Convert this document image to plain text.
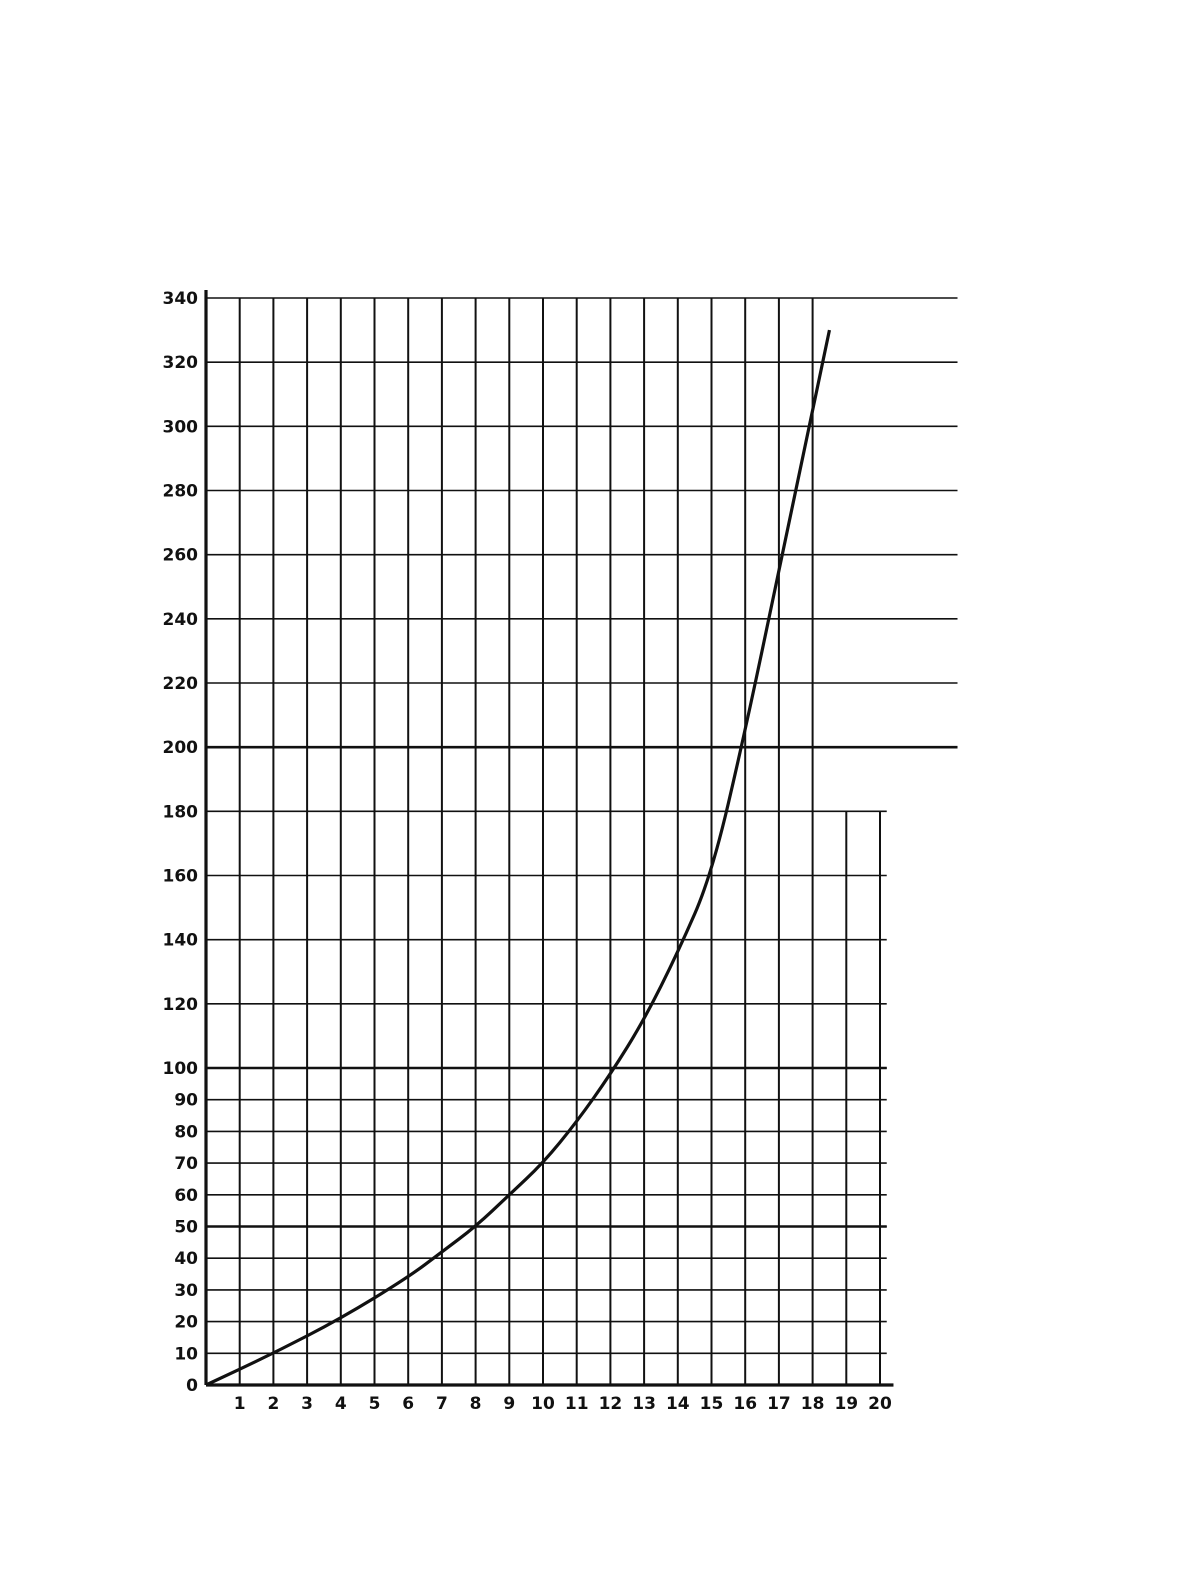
1 2 3 4 5 6 7 8 9 10 11 12 13 14 15 16 17 18 19 20
0
10
20
30
40
50
60
70
80
90
100
120
140
160
180
200
220
240
260
280
300
320
340
